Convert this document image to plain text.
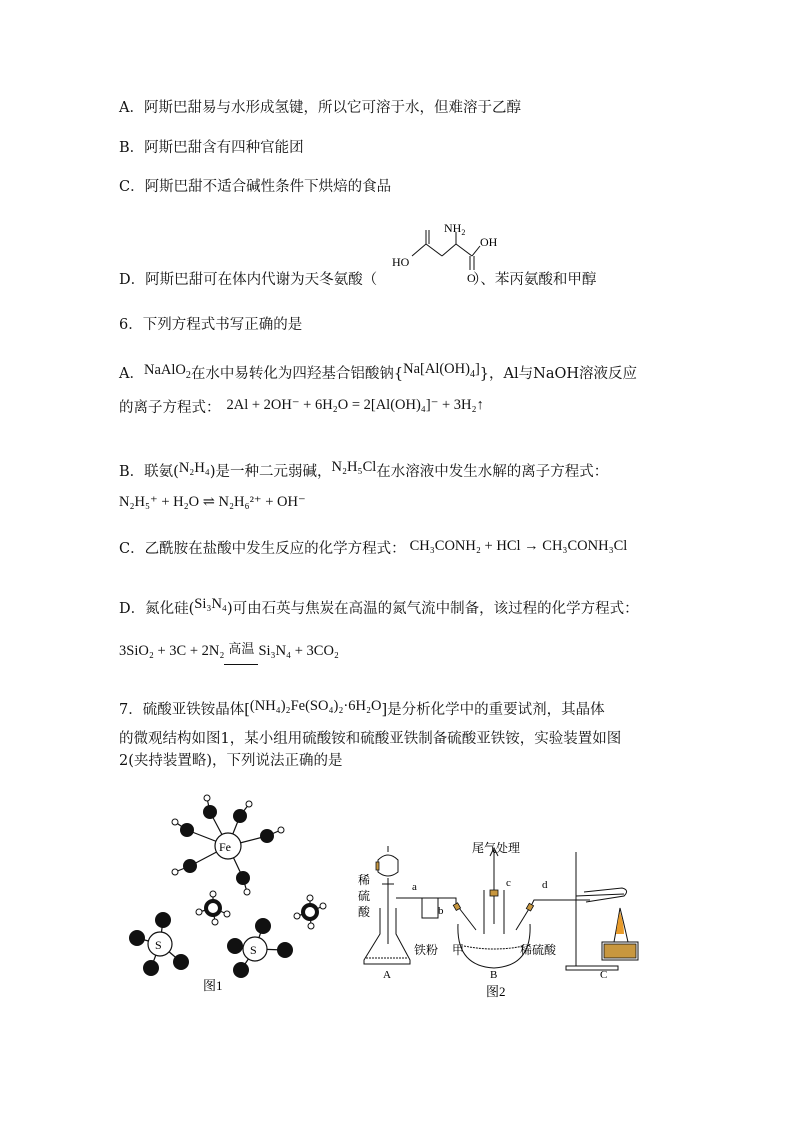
A．阿斯巴甜易与水形成氢键，所以它可溶于水，但难溶于乙醇
B．阿斯巴甜含有四种官能团
C．阿斯巴甜不适合碱性条件下烘焙的食品
$NH_2$
OH
HO
O
D．阿斯巴甜可在体内代谢为天冬氨酸（	）、苯丙氨酸和甲醇
6．下列方程式书写正确的是
A．NaAlO$_2$在水中易转化为四羟基合铝酸钠$\{Na[Al(OH)_4]\}$，Al与NaOH溶液反应
的离子方程式： 2Al + 2OH⁻ + 6H₂O = 2[Al(OH)₄]⁻ + 3H₂↑
B．联氨(N₂H₄)是一种二元弱碱，N₂H₅Cl在水溶液中发生水解的离子方程式：
N₂H₅⁺ + H₂O ⇌ N₂H₆²⁺ + OH⁻
C．乙酰胺在盐酸中发生反应的化学方程式： CH₃CONH₂ + HCl → CH₃CONH₃Cl
D．氮化硅(Si₃N₄)可由石英与焦炭在高温的氮气流中制备，该过程的化学方程式：
3SiO₂ + 3C + 2N₂ 高温 Si₃N₄ + 3CO₂
7．硫酸亚铁铵晶体[(NH₄)₂Fe(SO₄)₂·6H₂O]是分析化学中的重要试剂，其晶体
的微观结构如图1，某小组用硫酸铵和硫酸亚铁制备硫酸亚铁铵，实验装置如图
2(夹持装置略)，下列说法正确的是
Fe
S	S
图1
尾气处理
稀
硫
酸
a
b
c	d
铁粉 甲	稀硫酸
A	B	C
图2
